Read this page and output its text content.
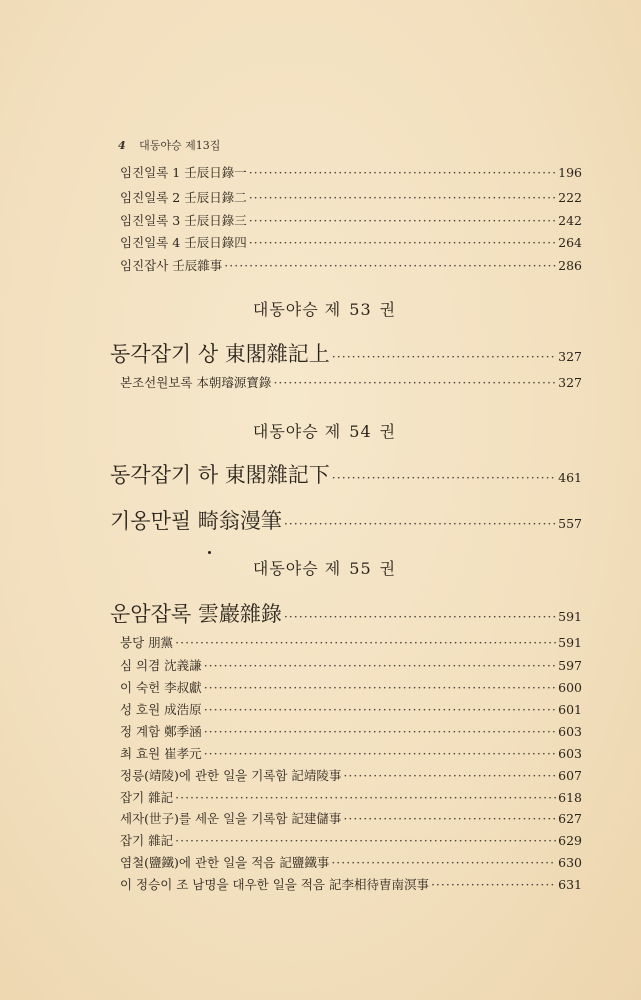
4 대동야승 제13집
임진일록 1 壬辰日錄一 ·····	196
임진일록 2 壬辰日錄二 ·····	222
임진일록 3 壬辰日錄三 ·····	242
임진일록 4 壬辰日錄四 ·····	264
임진잡사 壬辰雜事 ·····	286
대동야승 제 53 권
동각잡기 상 東閣雜記上 ·····	327
본조선원보록 本朝璿源寶錄 ·····	327
대동야승 제 54 권
동각잡기 하 東閣雜記下 ·····	461
기옹만필 畸翁漫筆 ·····	557
대동야승 제 55 권
운암잡록 雲巖雜錄 ·····	591
붕당 朋黨 ·····	591
심 의겸 沈義謙 ·····	597
이 숙헌 李叔獻 ·····	600
성 호원 成浩原 ·····	601
정 계함 鄭季涵 ·····	603
최 효원 崔孝元 ·····	603
정릉(靖陵)에 관한 일을 기록함 記靖陵事 ·····	607
잡기 雜記 ·····	618
세자(世子)를 세운 일을 기록함 記建儲事 ·····	627
잡기 雜記 ·····	629
염철(鹽鐵)에 관한 일을 적음 記鹽鐵事 ·····	630
이 정승이 조 남명을 대우한 일을 적음 記李相待曺南溟事 ·····	631
